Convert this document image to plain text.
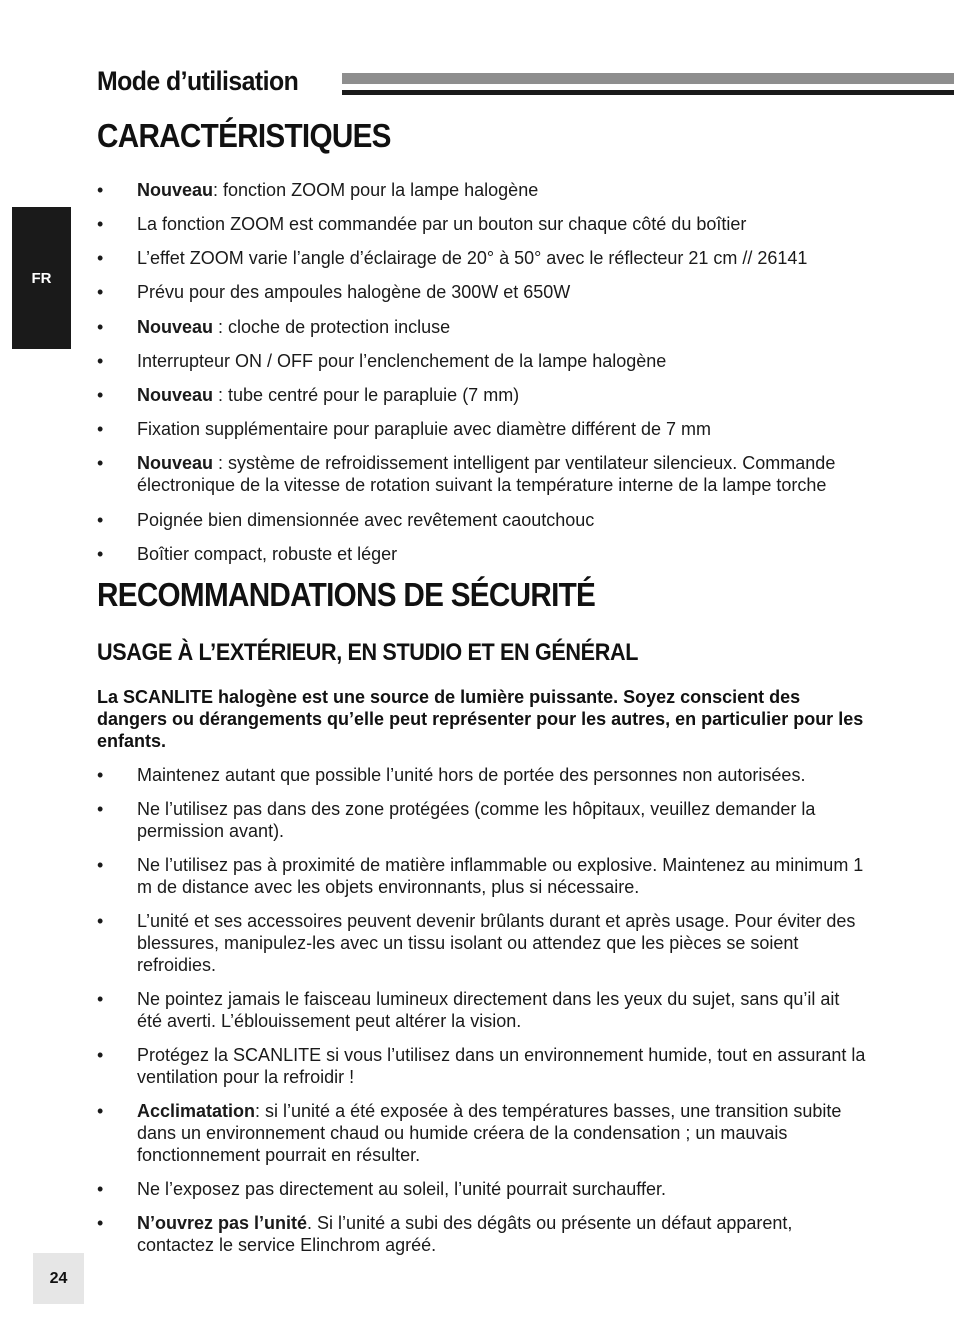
Mode d’utilisation
FR
CARACTÉRISTIQUES
•	Nouveau: fonction ZOOM pour la lampe halogène
•	La fonction ZOOM est commandée par un bouton sur chaque côté du boîtier
•	L’effet ZOOM varie l’angle d’éclairage de 20° à 50° avec le réflecteur 21 cm // 26141
•	Prévu pour des ampoules halogène de 300W et 650W
•	Nouveau : cloche de protection incluse
•	Interrupteur ON / OFF pour l’enclenchement de la lampe halogène
•	Nouveau : tube centré pour le parapluie (7 mm)
•	Fixation supplémentaire pour parapluie avec diamètre différent de 7 mm
•	Nouveau : système de refroidissement intelligent par ventilateur silencieux. Commande électronique de la vitesse de rotation suivant la température interne de la lampe torche
•	Poignée bien dimensionnée avec revêtement caoutchouc
•	Boîtier compact, robuste et léger
RECOMMANDATIONS DE SÉCURITÉ
USAGE À L’EXTÉRIEUR, EN STUDIO ET EN GÉNÉRAL
La SCANLITE halogène est une source de lumière puissante. Soyez conscient des dangers ou dérangements qu’elle peut représenter pour les autres, en particulier pour les enfants.
•	Maintenez autant que possible l’unité hors de portée des personnes non autorisées.
•	Ne l’utilisez pas dans des zone protégées (comme les hôpitaux, veuillez demander la permission avant).
•	Ne l’utilisez pas à proximité de matière inflammable ou explosive. Maintenez au minimum 1 m de distance avec les objets environnants, plus si nécessaire.
•	L’unité et ses accessoires peuvent devenir brûlants durant et après usage. Pour éviter des blessures, manipulez-les avec un tissu isolant ou attendez que les pièces se soient refroidies.
•	Ne pointez jamais le faisceau lumineux directement dans les yeux du sujet, sans qu’il ait été averti. L’éblouissement peut altérer la vision.
•	Protégez la SCANLITE si vous l’utilisez dans un environnement humide, tout en assurant la ventilation pour la refroidir !
•	Acclimatation: si l’unité a été exposée à des températures basses, une transition subite dans un environnement chaud ou humide créera de la condensation ; un mauvais fonctionnement pourrait en résulter.
•	Ne l’exposez pas directement au soleil, l’unité pourrait surchauffer.
•	N’ouvrez pas l’unité. Si l’unité a subi des dégâts ou présente un défaut apparent, contactez le service Elinchrom agréé.
24
